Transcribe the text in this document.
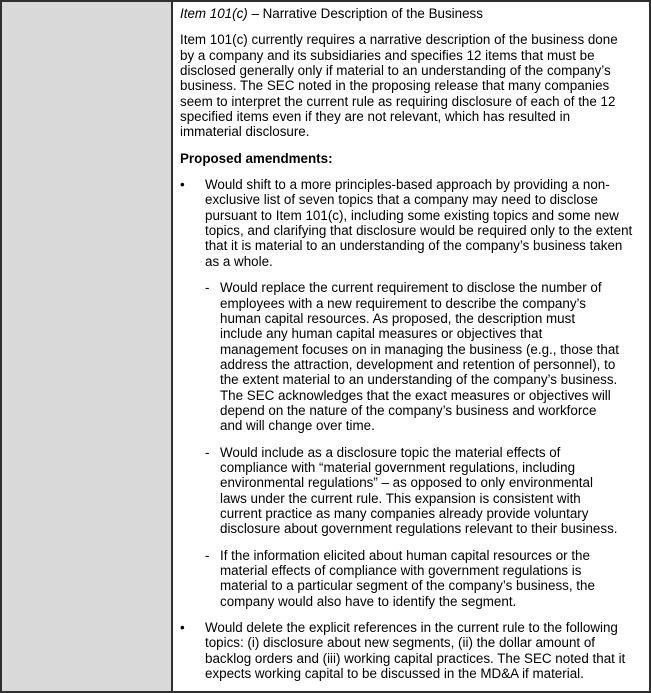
Item 101(c) – Narrative Description of the Business

Item 101(c) currently requires a narrative description of the business done by a company and its subsidiaries and specifies 12 items that must be disclosed generally only if material to an understanding of the company’s business. The SEC noted in the proposing release that many companies seem to interpret the current rule as requiring disclosure of each of the 12 specified items even if they are not relevant, which has resulted in immaterial disclosure.

Proposed amendments:

•	Would shift to a more principles-based approach by providing a non-exclusive list of seven topics that a company may need to disclose pursuant to Item 101(c), including some existing topics and some new topics, and clarifying that disclosure would be required only to the extent that it is material to an understanding of the company’s business taken as a whole.
- Would replace the current requirement to disclose the number of employees with a new requirement to describe the company’s human capital resources. As proposed, the description must include any human capital measures or objectives that management focuses on in managing the business (e.g., those that address the attraction, development and retention of personnel), to the extent material to an understanding of the company’s business. The SEC acknowledges that the exact measures or objectives will depend on the nature of the company’s business and workforce and will change over time.
- Would include as a disclosure topic the material effects of compliance with “material government regulations, including environmental regulations” – as opposed to only environmental laws under the current rule. This expansion is consistent with current practice as many companies already provide voluntary disclosure about government regulations relevant to their business.
- If the information elicited about human capital resources or the material effects of compliance with government regulations is material to a particular segment of the company’s business, the company would also have to identify the segment.
•	Would delete the explicit references in the current rule to the following topics: (i) disclosure about new segments, (ii) the dollar amount of backlog orders and (iii) working capital practices. The SEC noted that it expects working capital to be discussed in the MD&A if material.
